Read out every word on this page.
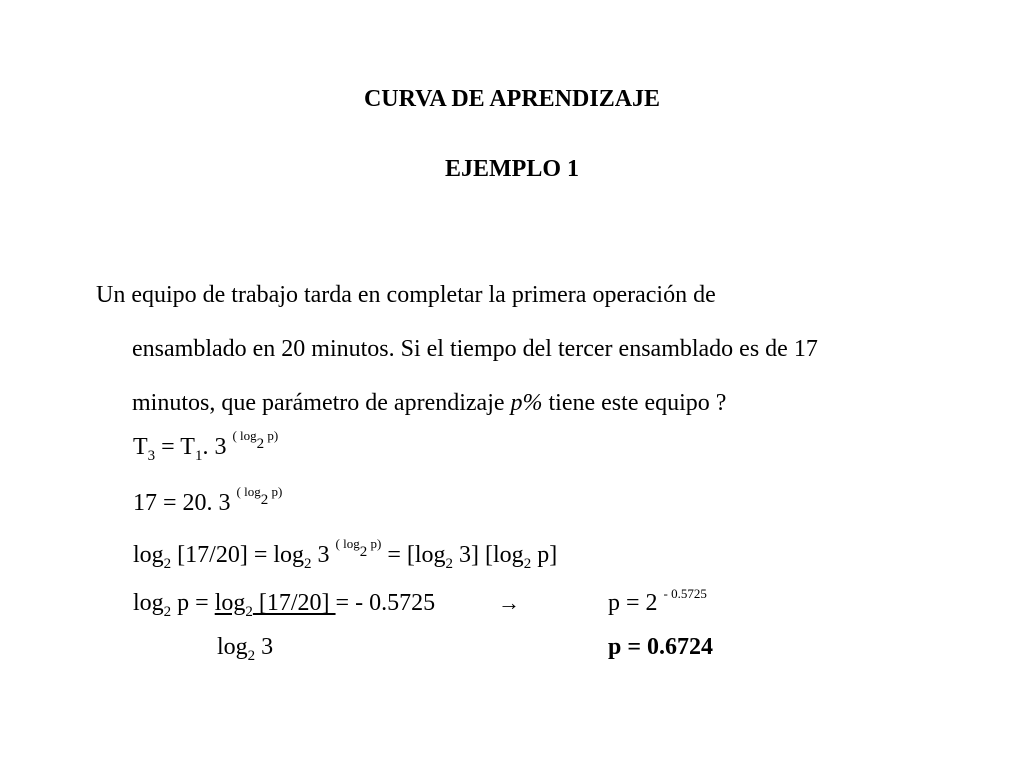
CURVA DE APRENDIZAJE
EJEMPLO 1
Un equipo de trabajo tarda en completar la primera operación de
ensamblado en 20 minutos. Si el tiempo del tercer ensamblado es de 17
minutos, que parámetro de aprendizaje p% tiene este equipo ?
$T_3 = T_1$. 3 $^{( log_2 p)}$
17 = 20. 3 $^{( log_2 p)}$
$\log_2 [17/20] = \log_2 3$ $^{( log_2 p)} = [\log_2$ 3] [$\log_2$ p]
$\log_2 p = \log_2 [17/20]$ = - 0.5725
$\log_2 3$
→	p = 2 $^{- 0.5725}$
p = 0.6724
